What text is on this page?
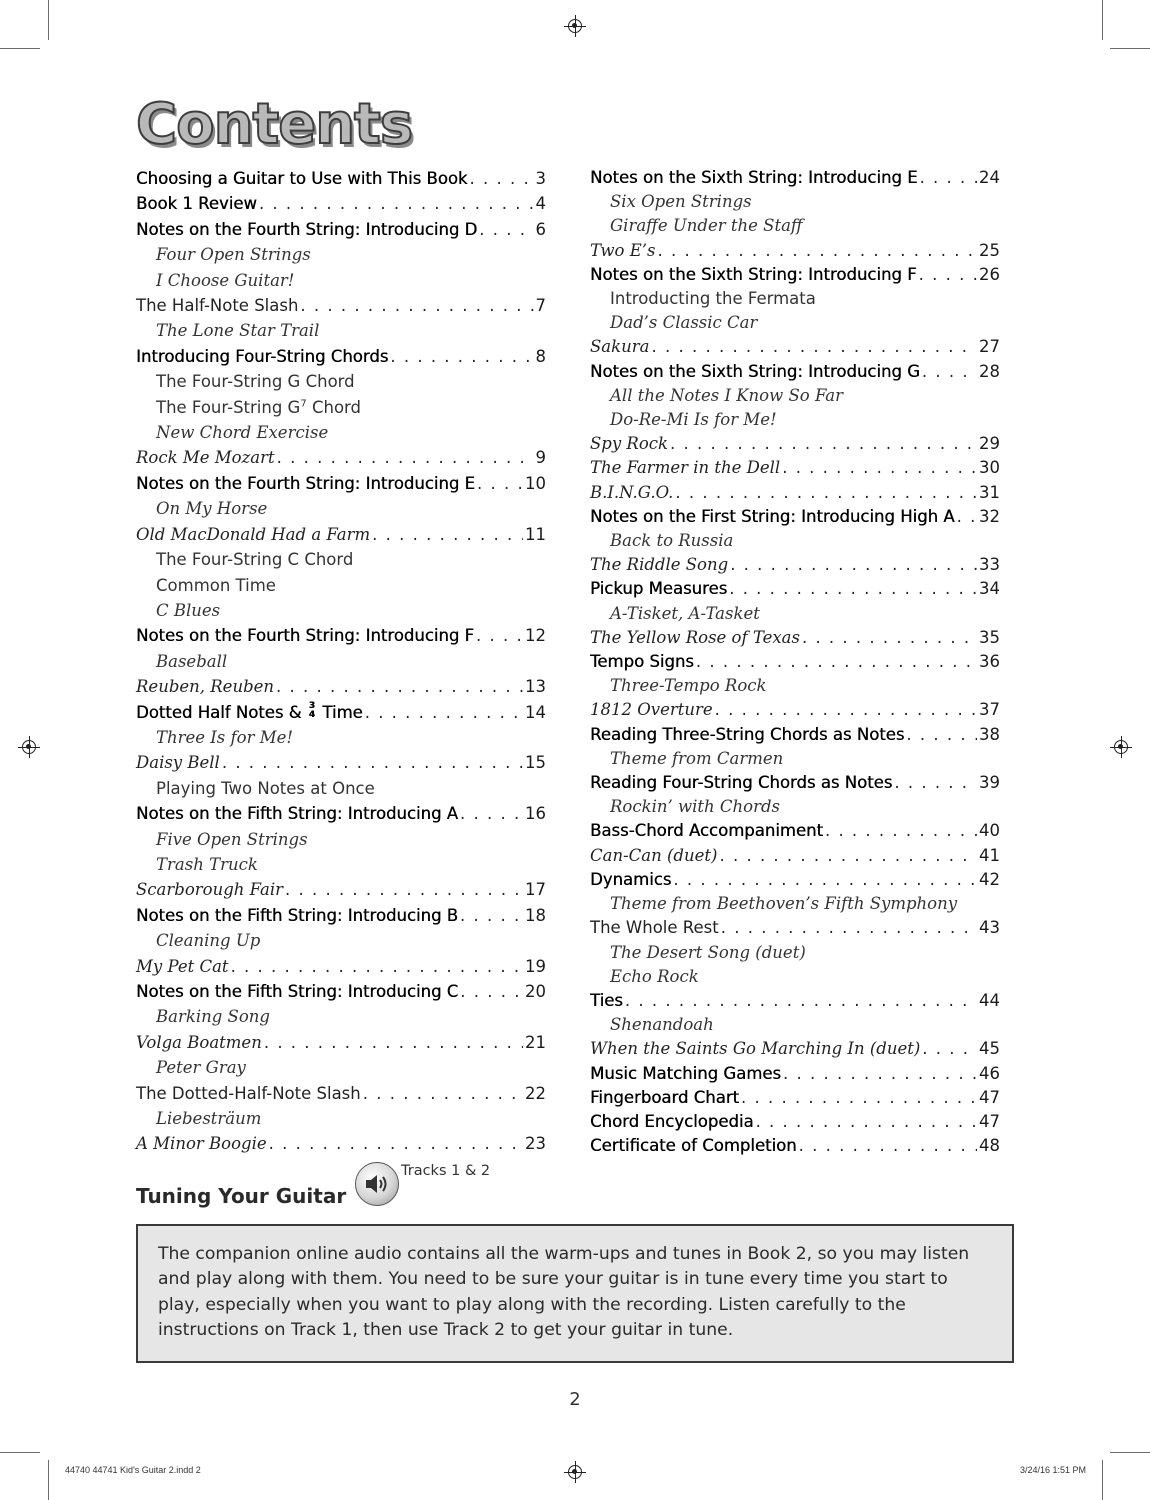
Contents
Choosing a Guitar to Use with This Book . . .	3
Book 1 Review . . .	4
Notes on the Fourth String: Introducing D . . .	6
Four Open Strings
I Choose Guitar!
The Half-Note Slash . . .	7
The Lone Star Trail
Introducing Four-String Chords . . .	8
The Four-String G Chord
The Four-String $G^7$ Chord
New Chord Exercise
Rock Me Mozart . . .	9
Notes on the Fourth String: Introducing E . . .	10
On My Horse
Old MacDonald Had a Farm . . .	11
The Four-String C Chord
Common Time
C Blues
Notes on the Fourth String: Introducing F . . .	12
Baseball
Reuben, Reuben . . .	13
Dotted Half Notes & 3
4 Time . . .	14
Three Is for Me!
Daisy Bell . . .	15
Playing Two Notes at Once
Notes on the Fifth String: Introducing A . . .	16
Five Open Strings
Trash Truck
Scarborough Fair . . .	17
Notes on the Fifth String: Introducing B . . .	18
Cleaning Up
My Pet Cat . . .	19
Notes on the Fifth String: Introducing C . . .	20
Barking Song
Volga Boatmen . . .	21
Peter Gray
The Dotted-Half-Note Slash . . .	22
Liebesträum
A Minor Boogie . . .	23
Notes on the Sixth String: Introducing E . . .	24
Six Open Strings
Giraffe Under the Staff
Two E’s . . .	25
Notes on the Sixth String: Introducing F . . .	26
Introducting the Fermata
Dad’s Classic Car
Sakura . . .	27
Notes on the Sixth String: Introducing G . . .	28
All the Notes I Know So Far
Do-Re-Mi Is for Me!
Spy Rock . . .	29
The Farmer in the Dell . . .	30
B.I.N.G.O. . . .	31
Notes on the First String: Introducing High A . . . 32
Back to Russia
The Riddle Song . . .	33
Pickup Measures . . .	34
A-Tisket, A-Tasket
The Yellow Rose of Texas . . .	35
Tempo Signs . . .	36
Three-Tempo Rock
1812 Overture . . .	37
Reading Three-String Chords as Notes . . .	38
Theme from Carmen
Reading Four-String Chords as Notes . . .	39
Rockin’ with Chords
Bass-Chord Accompaniment . . .	40
Can-Can (duet) . . .	41
Dynamics . . .	42
Theme from Beethoven’s Fifth Symphony
The Whole Rest . . .	43
The Desert Song (duet)
Echo Rock
Ties . . .	44
Shenandoah
When the Saints Go Marching In (duet) . . .	45
Music Matching Games . . .	46
Fingerboard Chart . . .	47
Chord Encyclopedia . . .	47
Certificate of Completion . . .	48
Tuning Your Guitar
Tracks 1 & 2
The companion online audio contains all the warm-ups and tunes in Book 2, so you may listen and play along with them. You need to be sure your guitar is in tune every time you start to play, especially when you want to play along with the recording. Listen carefully to the instructions on Track 1, then use Track 2 to get your guitar in tune.
2
44740 44741 Kid's Guitar 2.indd 2	3/24/16 1:51 PM
